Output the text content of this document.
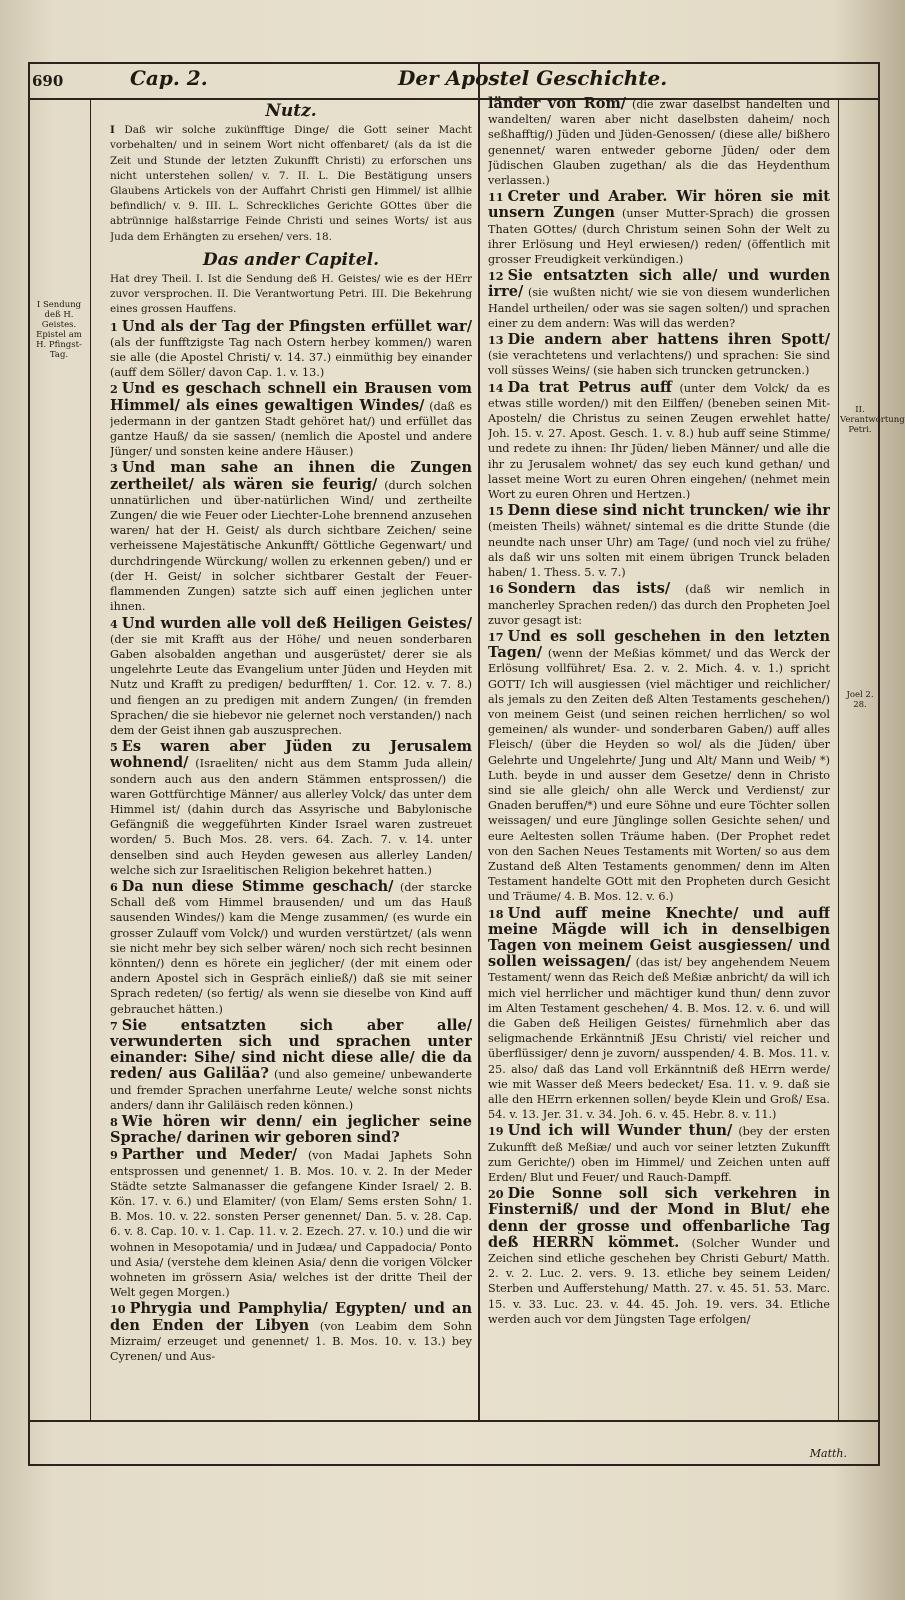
690	Cap. 2.	Der Apostel Geschichte.
I Sendung deß H. Geistes. Epistel am H. Pfingst-Tag.
II. Verantwortung Petri.
Joel 2. 28.
Nutz.

I Daß wir solche zukünfftige Dinge/ die Gott seiner Macht vorbehalten/ und in seinem Wort nicht offenbaret/ (als da ist die Zeit und Stunde der letzten Zukunfft Christi) zu erforschen uns nicht unterstehen sollen/ v. 7. II. L. Die Bestätigung unsers Glaubens Artickels von der Auffahrt Christi gen Himmel/ ist allhie befindlich/ v. 9. III. L. Schreckliches Gerichte GOttes über die abtrünnige halßstarrige Feinde Christi und seines Worts/ ist aus Juda dem Erhängten zu ersehen/ vers. 18.

Das ander Capitel.

Hat drey Theil. I. Ist die Sendung deß H. Geistes/ wie es der HErr zuvor versprochen. II. Die Verantwortung Petri. III. Die Bekehrung eines grossen Hauffens.

1 Und als der Tag der Pfingsten erfüllet war/ (als der funfftzigste Tag nach Ostern herbey kommen/) waren sie alle (die Apostel Christi/ v. 14. 37.) einmüthig bey einander (auff dem Söller/ davon Cap. 1. v. 13.)

2 Und es geschach schnell ein Brausen vom Himmel/ als eines gewaltigen Windes/ (daß es jedermann in der gantzen Stadt gehöret hat/) und erfüllet das gantze Hauß/ da sie sassen/ (nemlich die Apostel und andere Jünger/ und sonsten keine andere Häuser.)

3 Und man sahe an ihnen die Zungen zertheilet/ als wären sie feurig/ (durch solchen unnatürlichen und über-natürlichen Wind/ und zertheilte Zungen/ die wie Feuer oder Liechter-Lohe brennend anzusehen waren/ hat der H. Geist/ als durch sichtbare Zeichen/ seine verheissene Majestätische Ankunfft/ Göttliche Gegenwart/ und durchdringende Würckung/ wollen zu erkennen geben/) und er (der H. Geist/ in solcher sichtbarer Gestalt der Feuer-flammenden Zungen) satzte sich auff einen jeglichen unter ihnen.

4 Und wurden alle voll deß Heiligen Geistes/ (der sie mit Krafft aus der Höhe/ und neuen sonderbaren Gaben alsobalden angethan und ausgerüstet/ derer sie als ungelehrte Leute das Evangelium unter Jüden und Heyden mit Nutz und Krafft zu predigen/ bedurfften/ 1. Cor. 12. v. 7. 8.) und fiengen an zu predigen mit andern Zungen/ (in fremden Sprachen/ die sie hiebevor nie gelernet noch verstanden/) nach dem der Geist ihnen gab auszusprechen.

5 Es waren aber Jüden zu Jerusalem wohnend/ (Israeliten/ nicht aus dem Stamm Juda allein/ sondern auch aus den andern Stämmen entsprossen/) die waren Gottfürchtige Männer/ aus allerley Volck/ das unter dem Himmel ist/ (dahin durch das Assyrische und Babylonische Gefängniß die weggeführten Kinder Israel waren zustreuet worden/ 5. Buch Mos. 28. vers. 64. Zach. 7. v. 14. unter denselben sind auch Heyden gewesen aus allerley Landen/ welche sich zur Israelitischen Religion bekehret hatten.)

6 Da nun diese Stimme geschach/ (der starcke Schall deß vom Himmel brausenden/ und um das Hauß sausenden Windes/) kam die Menge zusammen/ (es wurde ein grosser Zulauff vom Volck/) und wurden verstürtzet/ (als wenn sie nicht mehr bey sich selber wären/ noch sich recht besinnen könnten/) denn es hörete ein jeglicher/ (der mit einem oder andern Apostel sich in Gespräch einließ/) daß sie mit seiner Sprach redeten/ (so fertig/ als wenn sie dieselbe von Kind auff gebrauchet hätten.)

7 Sie entsatzten sich aber alle/ verwunderten sich und sprachen unter einander: Sihe/ sind nicht diese alle/ die da reden/ aus Galiläa? (und also gemeine/ unbewanderte und fremder Sprachen unerfahrne Leute/ welche sonst nichts anders/ dann ihr Galiläisch reden können.)

8 Wie hören wir denn/ ein jeglicher seine Sprache/ darinen wir geboren sind?

9 Parther und Meder/ (von Madai Japhets Sohn entsprossen und genennet/ 1. B. Mos. 10. v. 2. In der Meder Städte setzte Salmanasser die gefangene Kinder Israel/ 2. B. Kön. 17. v. 6.) und Elamiter/ (von Elam/ Sems ersten Sohn/ 1. B. Mos. 10. v. 22. sonsten Perser genennet/ Dan. 5. v. 28. Cap. 6. v. 8. Cap. 10. v. 1. Cap. 11. v. 2. Ezech. 27. v. 10.) und die wir wohnen in Mesopotamia/ und in Judæa/ und Cappadocia/ Ponto und Asia/ (verstehe dem kleinen Asia/ denn die vorigen Völcker wohneten im grössern Asia/ welches ist der dritte Theil der Welt gegen Morgen.)

10 Phrygia und Pamphylia/ Egypten/ und an den Enden der Libyen (von Leabim dem Sohn Mizraim/ erzeuget und genennet/ 1. B. Mos. 10. v. 13.) bey Cyrenen/ und Aus-

länder von Rom/ (die zwar daselbst handelten und wandelten/ waren aber nicht daselbsten daheim/ noch seßhafftig/) Jüden und Jüden-Genossen/ (diese alle/ bißhero genennet/ waren entweder geborne Jüden/ oder dem Jüdischen Glauben zugethan/ als die das Heydenthum verlassen.)

11 Creter und Araber. Wir hören sie mit unsern Zungen (unser Mutter-Sprach) die grossen Thaten GOttes/ (durch Christum seinen Sohn der Welt zu ihrer Erlösung und Heyl erwiesen/) reden/ (öffentlich mit grosser Freudigkeit verkündigen.)

12 Sie entsatzten sich alle/ und wurden irre/ (sie wußten nicht/ wie sie von diesem wunderlichen Handel urtheilen/ oder was sie sagen solten/) und sprachen einer zu dem andern: Was will das werden?

13 Die andern aber hattens ihren Spott/ (sie verachtetens und verlachtens/) und sprachen: Sie sind voll süsses Weins/ (sie haben sich truncken getruncken.)

14 Da trat Petrus auff (unter dem Volck/ da es etwas stille worden/) mit den Eilffen/ (beneben seinen Mit-Aposteln/ die Christus zu seinen Zeugen erwehlet hatte/ Joh. 15. v. 27. Apost. Gesch. 1. v. 8.) hub auff seine Stimme/ und redete zu ihnen: Ihr Jüden/ lieben Männer/ und alle die ihr zu Jerusalem wohnet/ das sey euch kund gethan/ und lasset meine Wort zu euren Ohren eingehen/ (nehmet mein Wort zu euren Ohren und Hertzen.)

15 Denn diese sind nicht truncken/ wie ihr (meisten Theils) wähnet/ sintemal es die dritte Stunde (die neundte nach unser Uhr) am Tage/ (und noch viel zu frühe/ als daß wir uns solten mit einem übrigen Trunck beladen haben/ 1. Thess. 5. v. 7.)

16 Sondern das ists/ (daß wir nemlich in mancherley Sprachen reden/) das durch den Propheten Joel zuvor gesagt ist:

17 Und es soll geschehen in den letzten Tagen/ (wenn der Meßias kömmet/ und das Werck der Erlösung vollführet/ Esa. 2. v. 2. Mich. 4. v. 1.) spricht GOTT/ Ich will ausgiessen (viel mächtiger und reichlicher/ als jemals zu den Zeiten deß Alten Testaments geschehen/) von meinem Geist (und seinen reichen herrlichen/ so wol gemeinen/ als wunder- und sonderbaren Gaben/) auff alles Fleisch/ (über die Heyden so wol/ als die Jüden/ über Gelehrte und Ungelehrte/ Jung und Alt/ Mann und Weib/ *) Luth. beyde in und ausser dem Gesetze/ denn in Christo sind sie alle gleich/ ohn alle Werck und Verdienst/ zur Gnaden beruffen/*) und eure Söhne und eure Töchter sollen weissagen/ und eure Jünglinge sollen Gesichte sehen/ und eure Aeltesten sollen Träume haben. (Der Prophet redet von den Sachen Neues Testaments mit Worten/ so aus dem Zustand deß Alten Testaments genommen/ denn im Alten Testament handelte GOtt mit den Propheten durch Gesicht und Träume/ 4. B. Mos. 12. v. 6.)

18 Und auff meine Knechte/ und auff meine Mägde will ich in denselbigen Tagen von meinem Geist ausgiessen/ und sollen weissagen/ (das ist/ bey angehendem Neuem Testament/ wenn das Reich deß Meßiæ anbricht/ da will ich mich viel herrlicher und mächtiger kund thun/ denn zuvor im Alten Testament geschehen/ 4. B. Mos. 12. v. 6. und will die Gaben deß Heiligen Geistes/ fürnehmlich aber das seligmachende Erkänntniß JEsu Christi/ viel reicher und überflüssiger/ denn je zuvorn/ ausspenden/ 4. B. Mos. 11. v. 25. also/ daß das Land voll Erkänntniß deß HErrn werde/ wie mit Wasser deß Meers bedecket/ Esa. 11. v. 9. daß sie alle den HErrn erkennen sollen/ beyde Klein und Groß/ Esa. 54. v. 13. Jer. 31. v. 34. Joh. 6. v. 45. Hebr. 8. v. 11.)

19 Und ich will Wunder thun/ (bey der ersten Zukunfft deß Meßiæ/ und auch vor seiner letzten Zukunfft zum Gerichte/) oben im Himmel/ und Zeichen unten auff Erden/ Blut und Feuer/ und Rauch-Dampff.

20 Die Sonne soll sich verkehren in Finsterniß/ und der Mond in Blut/ ehe denn der grosse und offenbarliche Tag deß HERRN kömmet. (Solcher Wunder und Zeichen sind etliche geschehen bey Christi Geburt/ Matth. 2. v. 2. Luc. 2. vers. 9. 13. etliche bey seinem Leiden/ Sterben und Aufferstehung/ Matth. 27. v. 45. 51. 53. Marc. 15. v. 33. Luc. 23. v. 44. 45. Joh. 19. vers. 34. Etliche werden auch vor dem Jüngsten Tage erfolgen/

Matth.
